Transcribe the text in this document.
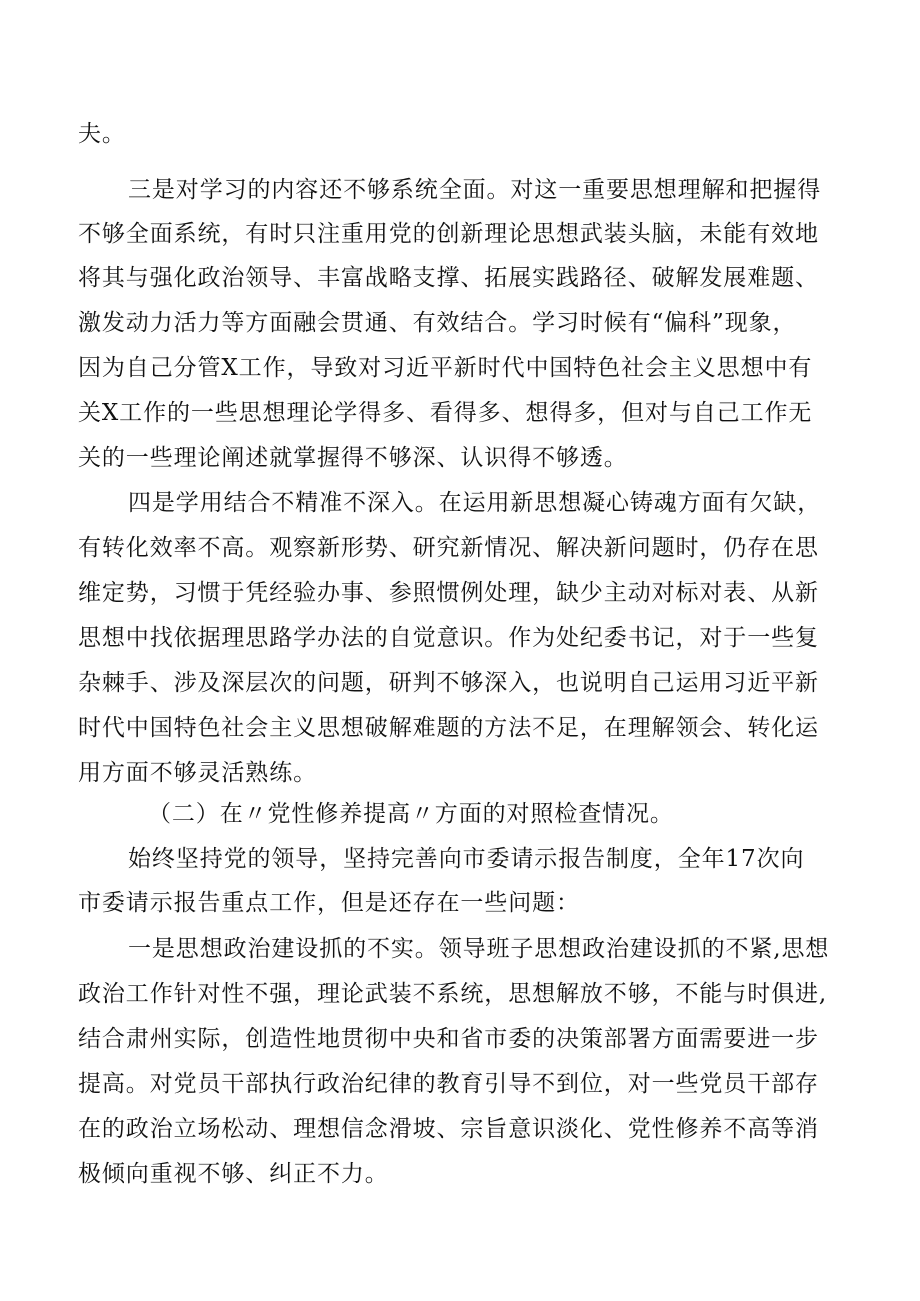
夫。
三是对学习的内容还不够系统全面。对这一重要思想理解和把握得
不够全面系统，有时只注重用党的创新理论思想武装头脑，未能有效地
将其与强化政治领导、丰富战略支撑、拓展实践路径、破解发展难题、
激发动力活力等方面融会贯通、有效结合。学习时候有“偏科”现象，
因为自己分管X工作，导致对习近平新时代中国特色社会主义思想中有
关X工作的一些思想理论学得多、看得多、想得多，但对与自己工作无
关的一些理论阐述就掌握得不够深、认识得不够透。
四是学用结合不精准不深入。在运用新思想凝心铸魂方面有欠缺，
有转化效率不高。观察新形势、研究新情况、解决新问题时，仍存在思
维定势，习惯于凭经验办事、参照惯例处理，缺少主动对标对表、从新
思想中找依据理思路学办法的自觉意识。作为处纪委书记，对于一些复
杂棘手、涉及深层次的问题，研判不够深入，也说明自己运用习近平新
时代中国特色社会主义思想破解难题的方法不足，在理解领会、转化运
用方面不够灵活熟练。
（二）在〃党性修养提高〃方面的对照检查情况。
始终坚持党的领导，坚持完善向市委请示报告制度，全年17次向
市委请示报告重点工作，但是还存在一些问题：
一是思想政治建设抓的不实。领导班子思想政治建设抓的不紧,思想
政治工作针对性不强，理论武装不系统，思想解放不够，不能与时俱进,
结合肃州实际，创造性地贯彻中央和省市委的决策部署方面需要进一步
提高。对党员干部执行政治纪律的教育引导不到位，对一些党员干部存
在的政治立场松动、理想信念滑坡、宗旨意识淡化、党性修养不高等消
极倾向重视不够、纠正不力。
